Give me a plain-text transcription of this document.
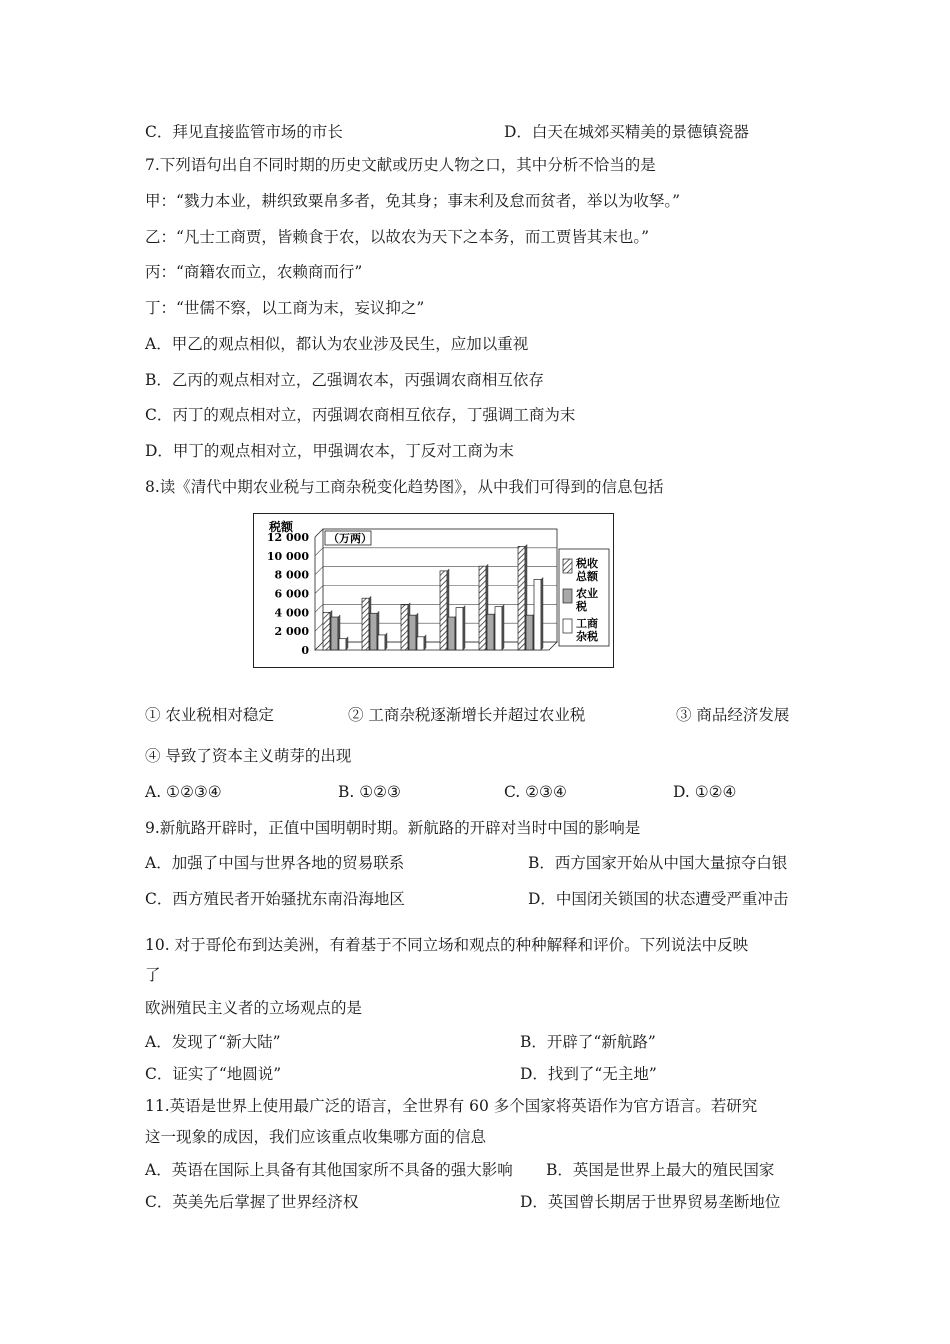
C．拜见直接监管市场的市长	D．白天在城郊买精美的景德镇瓷器
7.下列语句出自不同时期的历史文献或历史人物之口，其中分析不恰当的是
甲：“戮力本业，耕织致粟帛多者，免其身；事末利及怠而贫者，举以为收孥。”
乙：“凡士工商贾，皆赖食于农，以故农为天下之本务，而工贾皆其末也。”
丙：“商籍农而立，农赖商而行”
丁：“世儒不察，以工商为末，妄议抑之”
A．甲乙的观点相似，都认为农业涉及民生，应加以重视
B．乙丙的观点相对立，乙强调农本，丙强调农商相互依存
C．丙丁的观点相对立，丙强调农商相互依存，丁强调工商为末
D．甲丁的观点相对立，甲强调农本，丁反对工商为末
8.读《清代中期农业税与工商杂税变化趋势图》，从中我们可得到的信息包括
税额
（万两）
0
2 000
4 000
6 000
8 000
10 000
12 000
税收
总额
农业
税
工商
杂税
① 农业税相对稳定	② 工商杂税逐渐增长并超过农业税	③ 商品经济发展
④ 导致了资本主义萌芽的出现
A. ①②③④	B. ①②③	C. ②③④	D. ①②④
9.新航路开辟时，正值中国明朝时期。新航路的开辟对当时中国的影响是
A．加强了中国与世界各地的贸易联系	B．西方国家开始从中国大量掠夺白银
C．西方殖民者开始骚扰东南沿海地区	D．中国闭关锁国的状态遭受严重冲击
10. 对于哥伦布到达美洲，有着基于不同立场和观点的种种解释和评价。下列说法中反映
了
欧洲殖民主义者的立场观点的是
A．发现了“新大陆”	B．开辟了“新航路”
C．证实了“地圆说”	D．找到了“无主地”
11.英语是世界上使用最广泛的语言，全世界有 60 多个国家将英语作为官方语言。若研究
这一现象的成因，我们应该重点收集哪方面的信息
A．英语在国际上具备有其他国家所不具备的强大影响 B．英国是世界上最大的殖民国家
C．英美先后掌握了世界经济权	D．英国曾长期居于世界贸易垄断地位
